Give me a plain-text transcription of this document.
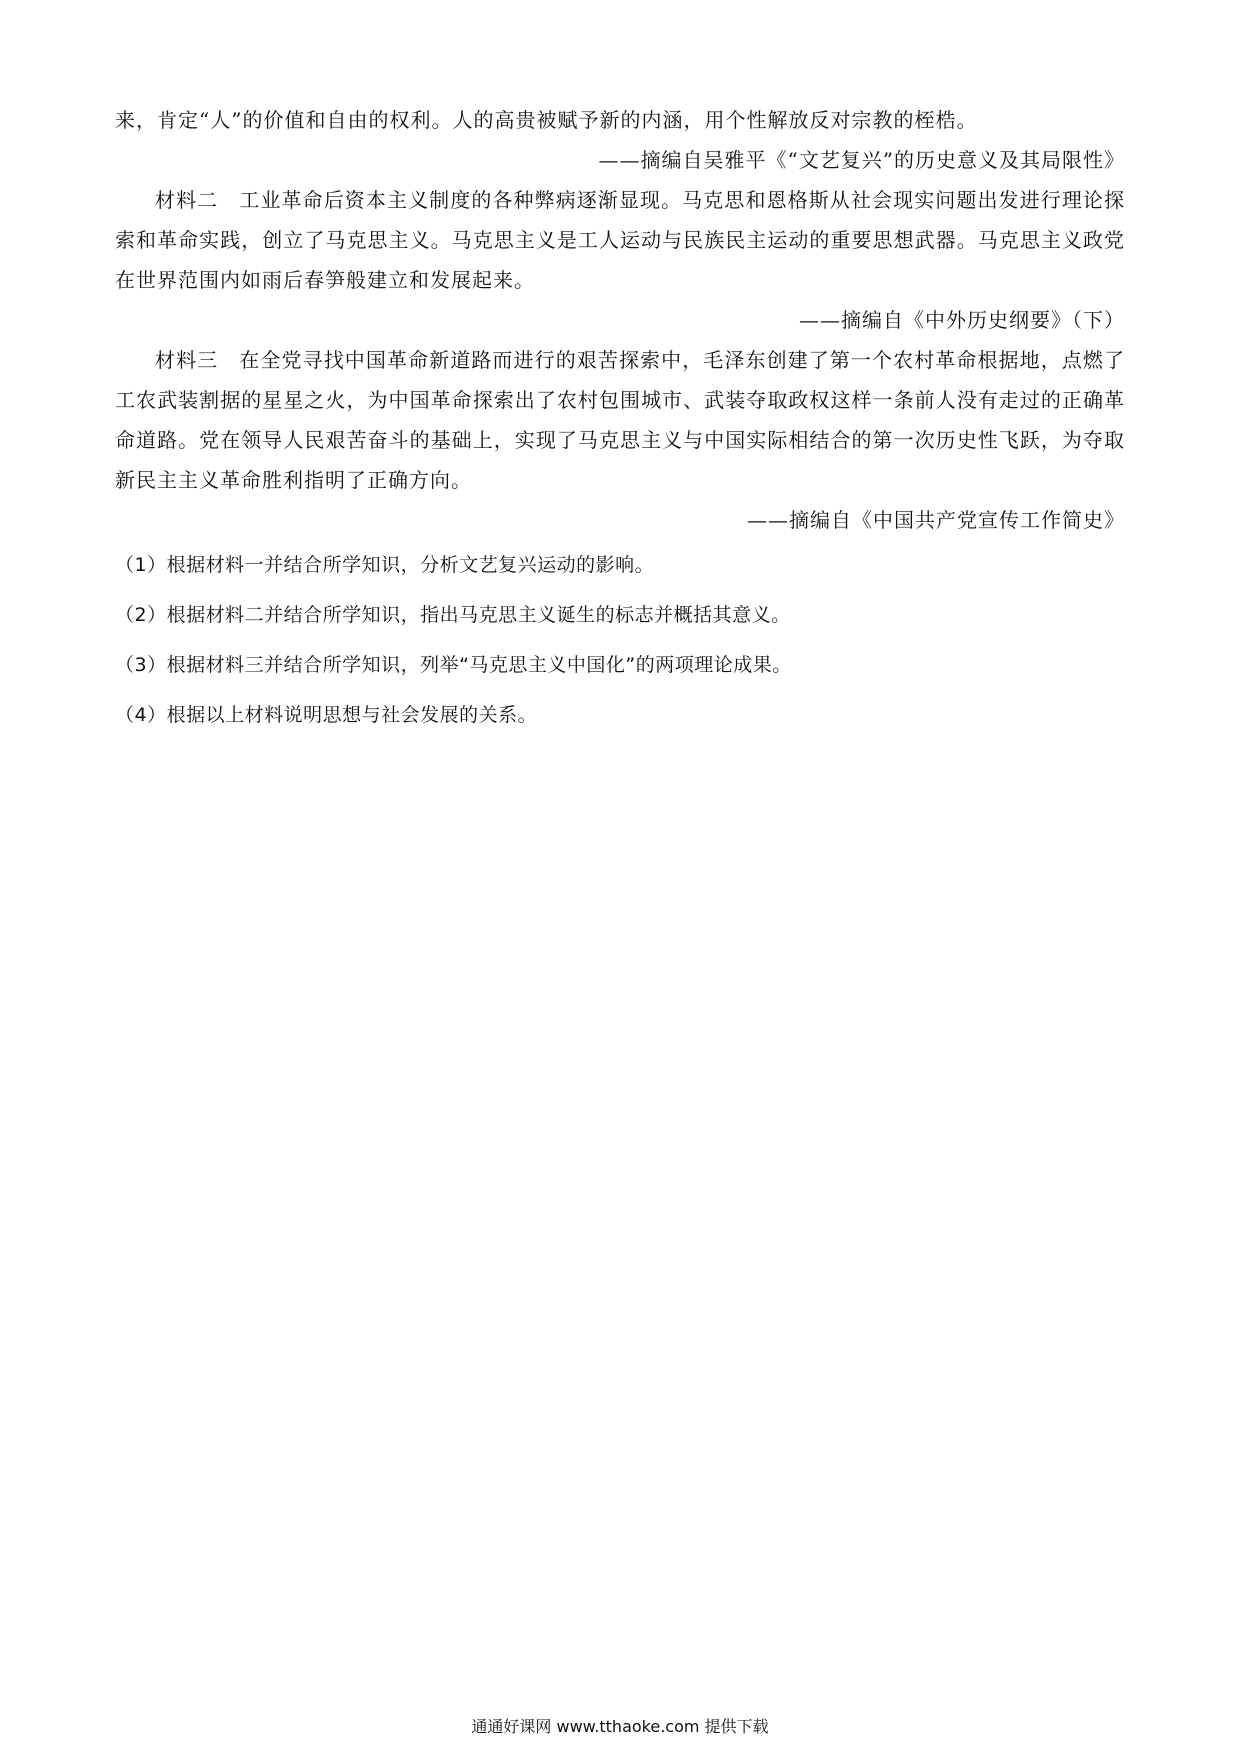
来，肯定“人”的价值和自由的权利。人的高贵被赋予新的内涵，用个性解放反对宗教的桎梏。

——摘编自吴雅平《“文艺复兴”的历史意义及其局限性》

材料二　工业革命后资本主义制度的各种弊病逐渐显现。马克思和恩格斯从社会现实问题出发进行理论探索和革命实践，创立了马克思主义。马克思主义是工人运动与民族民主运动的重要思想武器。马克思主义政党在世界范围内如雨后春笋般建立和发展起来。

——摘编自《中外历史纲要》（下）

材料三　在全党寻找中国革命新道路而进行的艰苦探索中，毛泽东创建了第一个农村革命根据地，点燃了工农武装割据的星星之火，为中国革命探索出了农村包围城市、武装夺取政权这样一条前人没有走过的正确革命道路。党在领导人民艰苦奋斗的基础上，实现了马克思主义与中国实际相结合的第一次历史性飞跃，为夺取新民主主义革命胜利指明了正确方向。

——摘编自《中国共产党宣传工作简史》

（1）根据材料一并结合所学知识，分析文艺复兴运动的影响。

（2）根据材料二并结合所学知识，指出马克思主义诞生的标志并概括其意义。

（3）根据材料三并结合所学知识，列举“马克思主义中国化”的两项理论成果。

（4）根据以上材料说明思想与社会发展的关系。

通通好课网 www.tthaoke.com 提供下载
